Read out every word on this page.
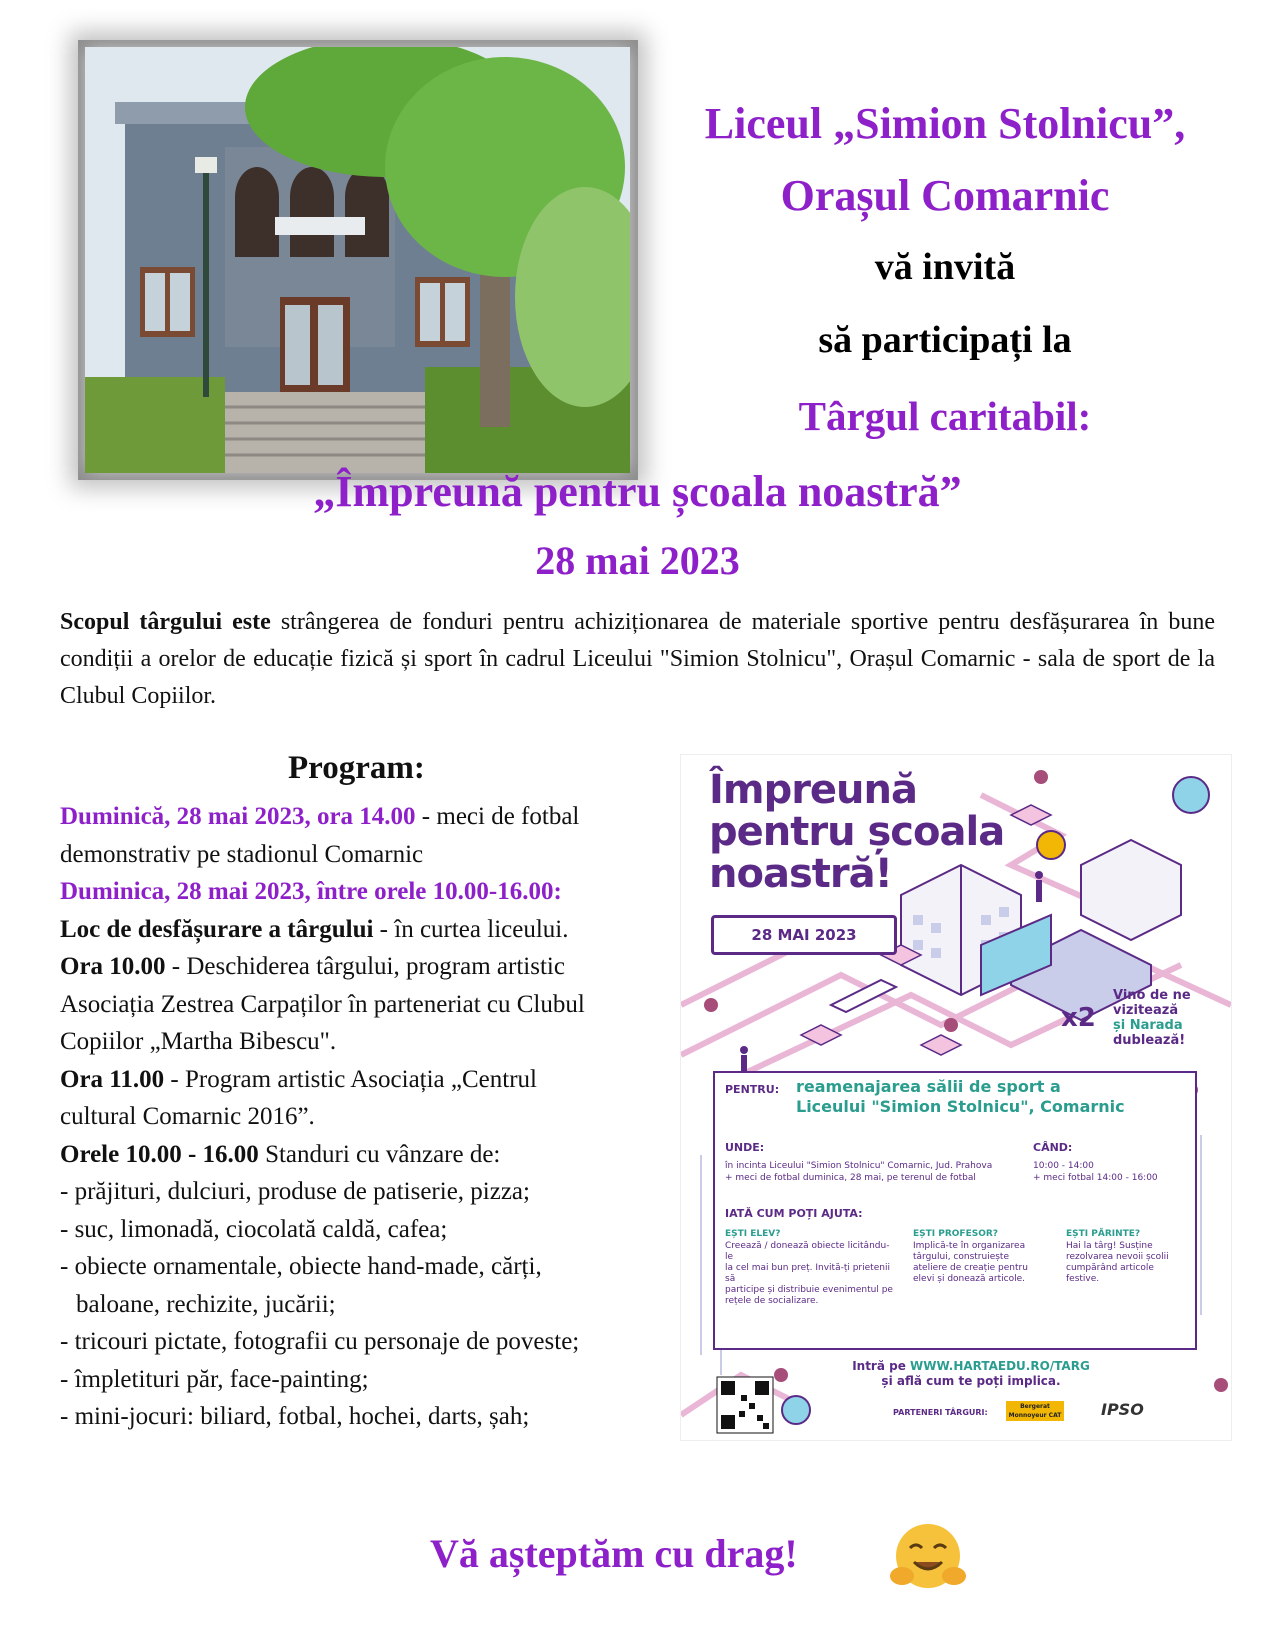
Liceul „Simion Stolnicu”,
Orașul Comarnic
vă invită
să participați la
Târgul caritabil:
„Împreună pentru școala noastră”
28 mai 2023
Scopul târgului este strângerea de fonduri pentru achiziționarea de materiale sportive pentru desfășurarea în bune condiții a orelor de educație fizică și sport în cadrul Liceului "Simion Stolnicu", Orașul Comarnic - sala de sport de la Clubul Copiilor.
Program:
Duminică, 28 mai 2023, ora 14.00 - meci de fotbal
demonstrativ pe stadionul Comarnic
Duminica, 28 mai 2023, între orele 10.00-16.00:
Loc de desfășurare a târgului - în curtea liceului.
Ora 10.00 - Deschiderea târgului, program artistic
Asociația Zestrea Carpaților în parteneriat cu Clubul
Copiilor „Martha Bibescu".
Ora 11.00 - Program artistic Asociația „Centrul
cultural Comarnic 2016”.
Orele 10.00 - 16.00 Standuri cu vânzare de:
- prăjituri, dulciuri, produse de patiserie, pizza;
- suc, limonadă, ciocolată caldă, cafea;
- obiecte ornamentale, obiecte hand-made, cărți,
baloane, rechizite, jucării;
- tricouri pictate, fotografii cu personaje de poveste;
- împletituri păr, face-painting;
- mini-jocuri: biliard, fotbal, hochei, darts, șah;
Împreună
pentru școala
noastră!
28 MAI 2023
x2
Vino de ne
vizitează
și Narada
dublează!
PENTRU: reamenajarea sălii de sport a
Liceului "Simion Stolnicu", Comarnic
UNDE:
în incinta Liceului "Simion Stolnicu" Comarnic, Jud. Prahova
+ meci de fotbal duminica, 28 mai, pe terenul de fotbal
CÂND:
10:00 - 14:00
+ meci fotbal 14:00 - 16:00
IATĂ CUM POȚI AJUTA:
EȘTI ELEV?
Creează / donează obiecte licitându-le
la cel mai bun preț. Invită-ți prietenii să
participe și distribuie evenimentul pe
rețele de socializare.
EȘTI PROFESOR?
Implică-te în organizarea
târgului, construiește
ateliere de creație pentru
elevi și donează articole.
EȘTI PĂRINTE?
Hai la târg! Susține
rezolvarea nevoii școlii
cumpărând articole
festive.
Intră pe WWW.HARTAEDU.RO/TARG
și află cum te poți implica.
PARTENERI TÂRGURI:
Bergerat Monnoyeur CAT IPSO
Vă așteptăm cu drag!
